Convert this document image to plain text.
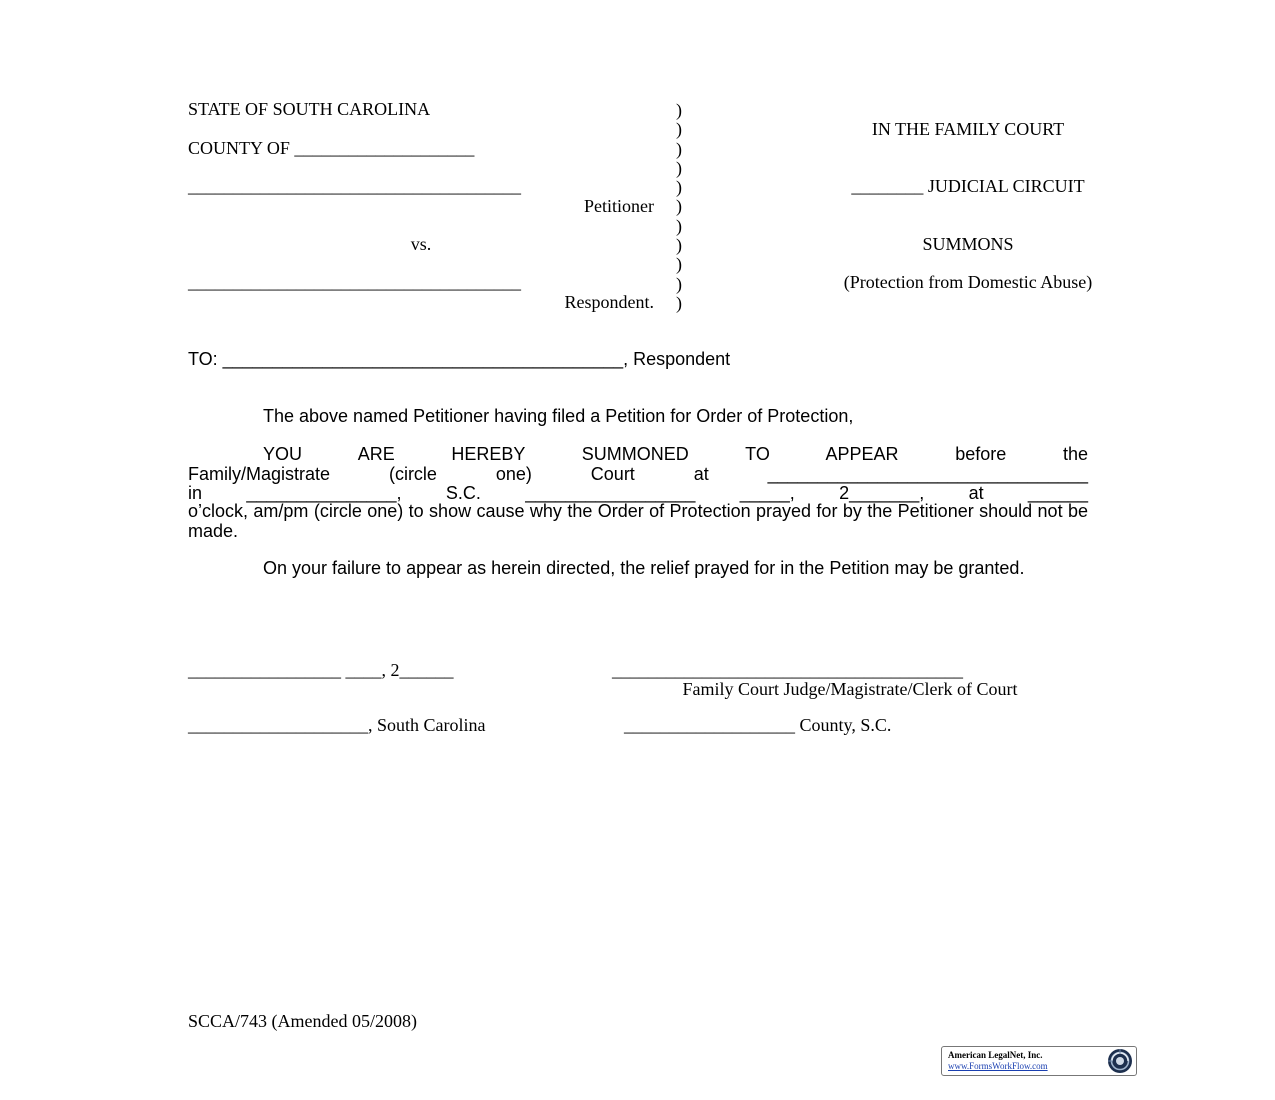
STATE OF SOUTH CAROLINA
COUNTY OF ____________________
_____________________________________
Petitioner
vs.
_____________________________________
Respondent.
)
)
)
)
)
)
)
)
)
)
)
IN THE FAMILY COURT
________ JUDICIAL CIRCUIT
SUMMONS
(Protection from Domestic Abuse)
TO: ________________________________________, Respondent
The above named Petitioner having filed a Petition for Order of Protection,
YOU ARE HEREBY SUMMONED TO APPEAR before the
Family/Magistrate (circle one) Court at ________________________________
in _______________, S.C. _________________ _____, 2_______, at ______
o’clock, am/pm (circle one) to show cause why the Order of Protection prayed for by the Petitioner should not be made.
On your failure to appear as herein directed, the relief prayed for in the Petition may be granted.
_________________ ____, 2______	_______________________________________
Family Court Judge/Magistrate/Clerk of Court
____________________, South Carolina	___________________ County, S.C.
SCCA/743 (Amended 05/2008)
American LegalNet, Inc.
www.FormsWorkFlow.com
